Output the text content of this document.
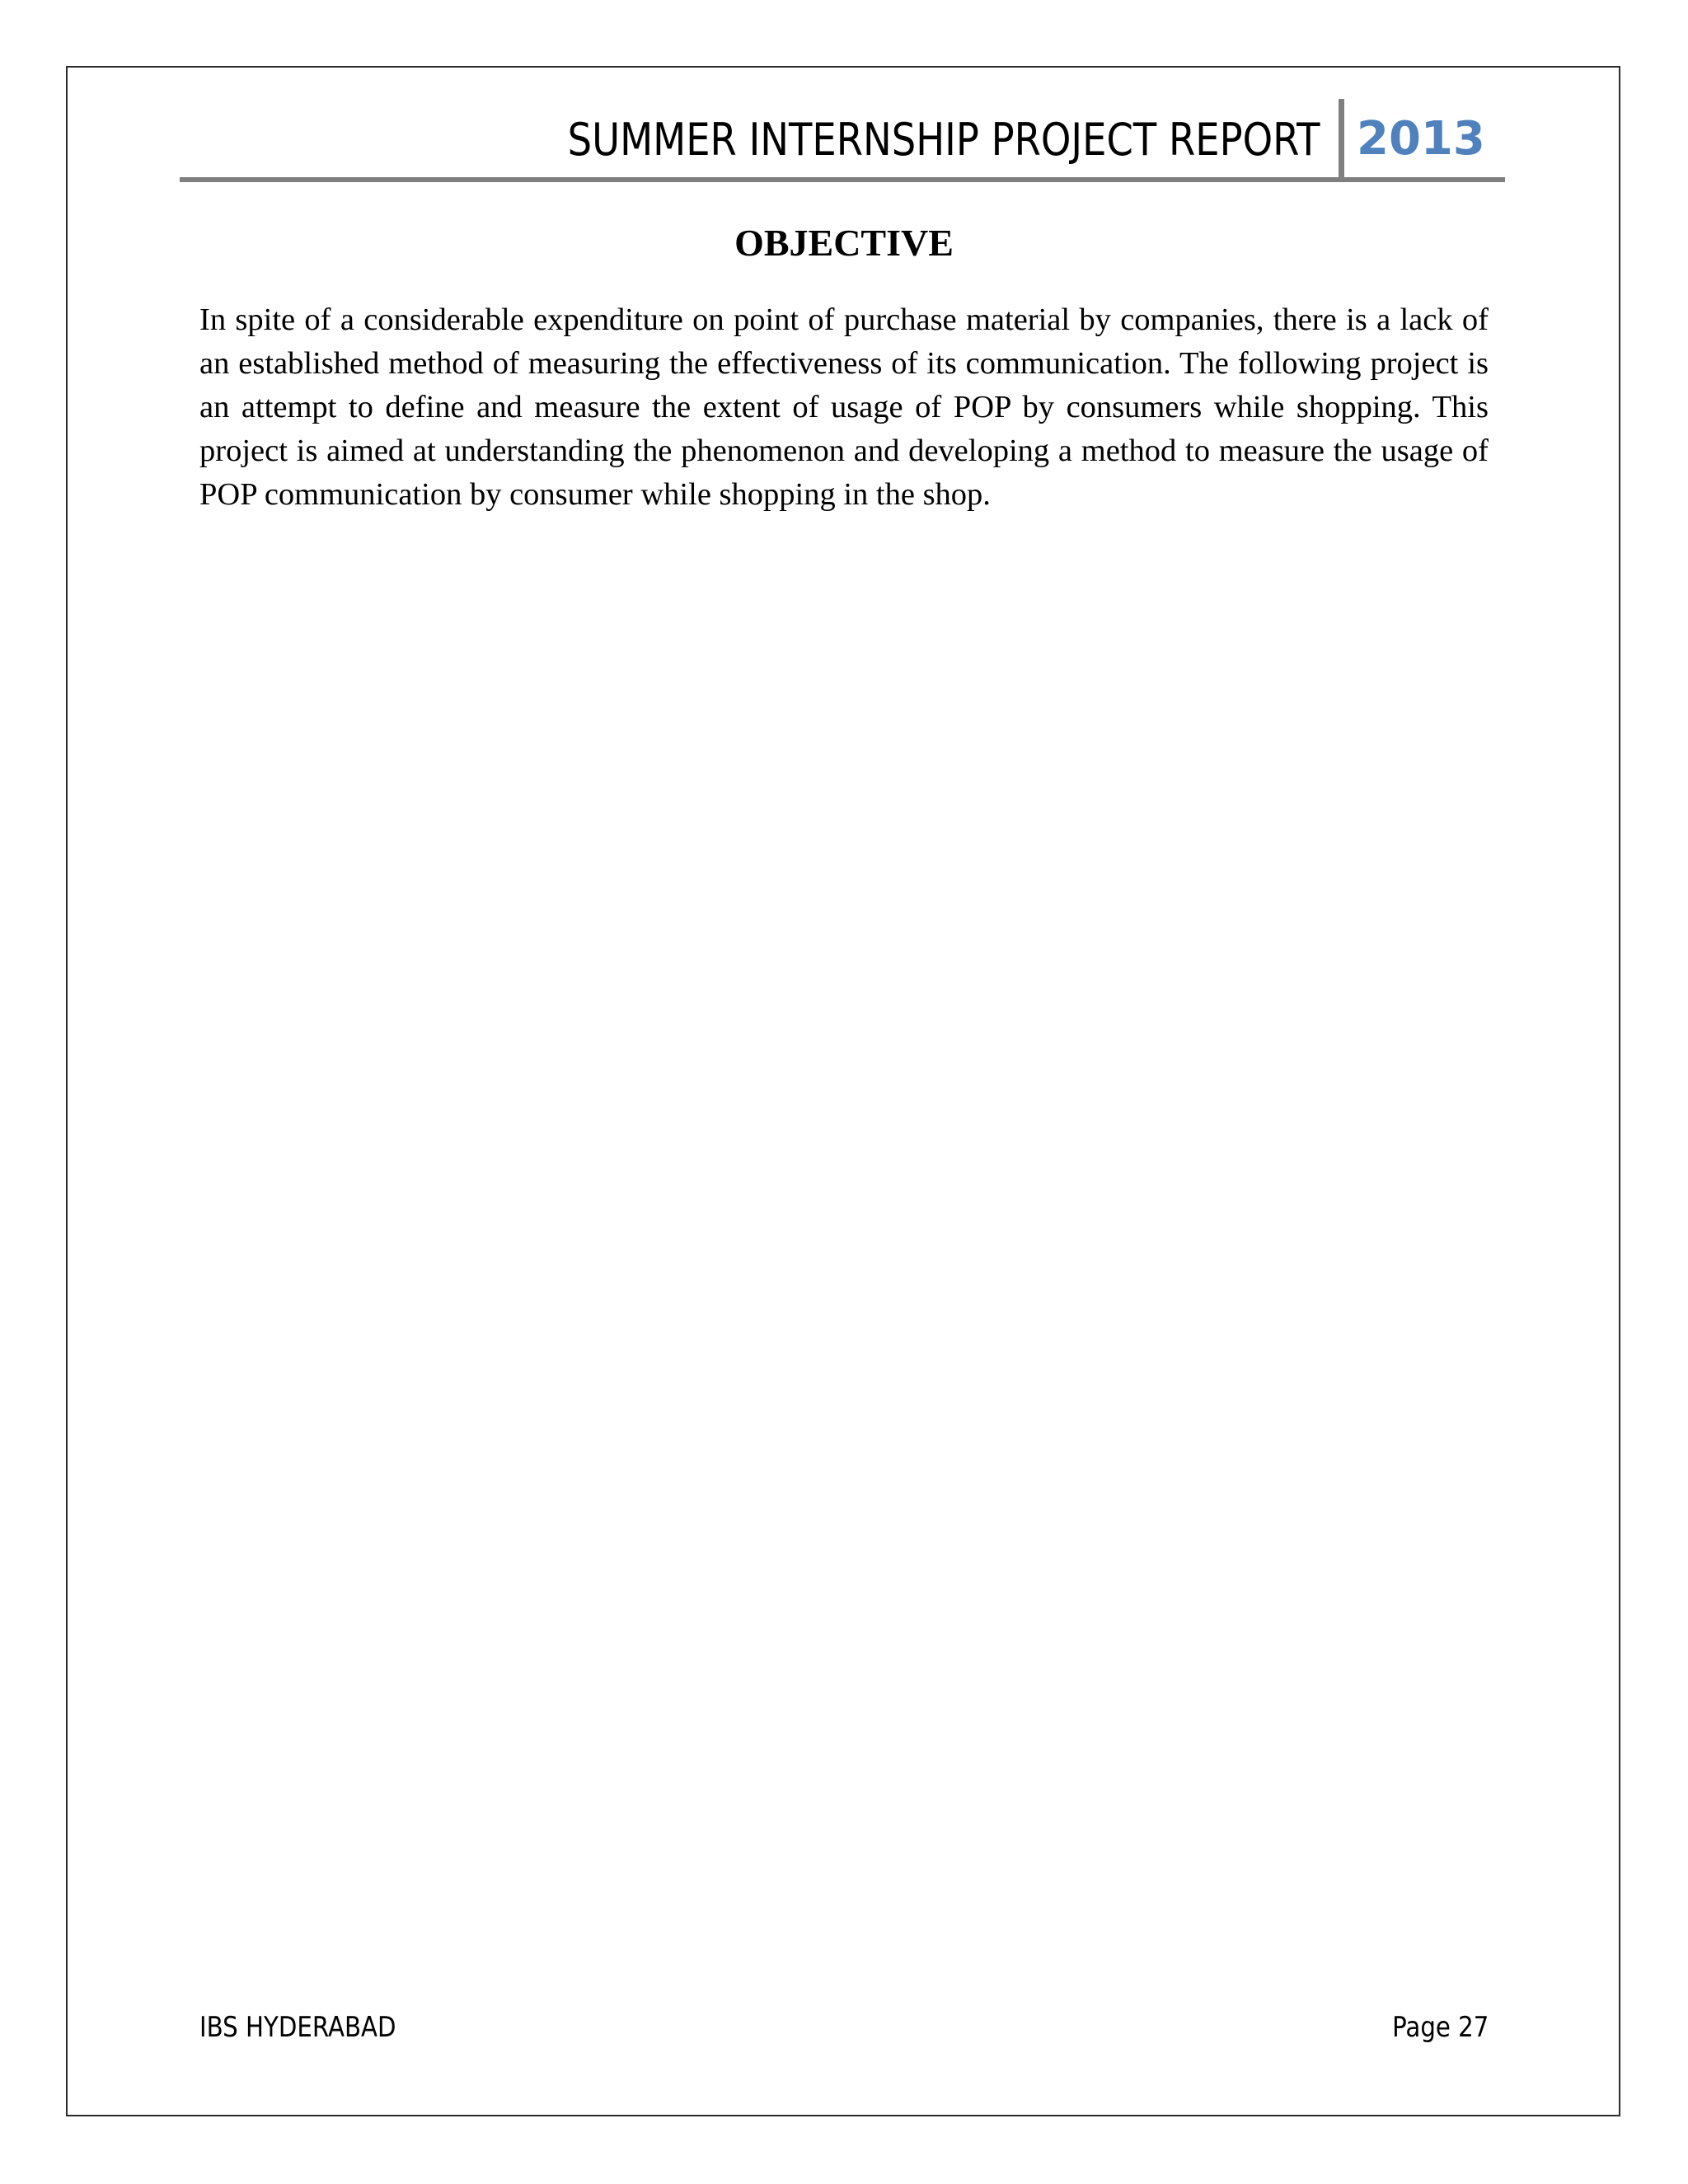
SUMMER INTERNSHIP PROJECT REPORT 2013
OBJECTIVE

In spite of a considerable expenditure on point of purchase material by companies, there is a lack of an established method of measuring the effectiveness of its communication. The following project is an attempt to define and measure the extent of usage of POP by consumers while shopping. This project is aimed at understanding the phenomenon and developing a method to measure the usage of POP communication by consumer while shopping in the shop.

IBS HYDERABAD	Page 27
